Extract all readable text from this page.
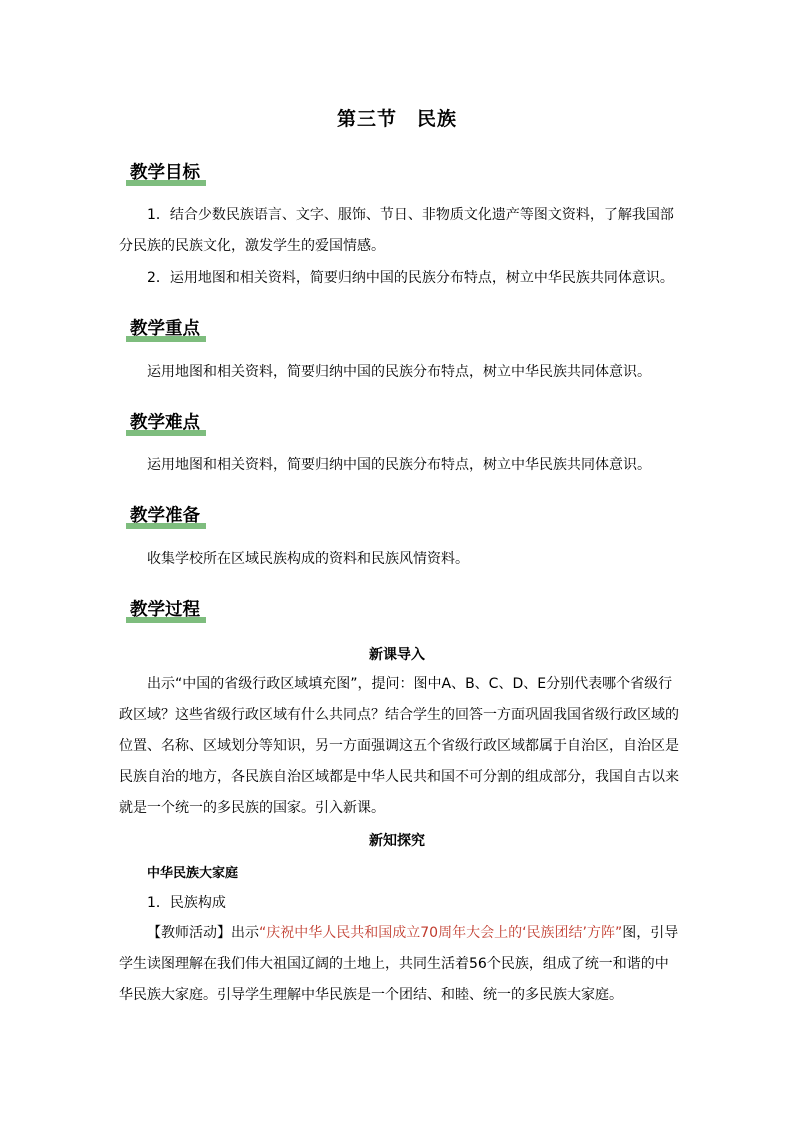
第三节　民族
教学目标
1．结合少数民族语言、文字、服饰、节日、非物质文化遗产等图文资料，了解我国部分民族的民族文化，激发学生的爱国情感。
2．运用地图和相关资料，简要归纳中国的民族分布特点，树立中华民族共同体意识。
教学重点
运用地图和相关资料，简要归纳中国的民族分布特点，树立中华民族共同体意识。
教学难点
运用地图和相关资料，简要归纳中国的民族分布特点，树立中华民族共同体意识。
教学准备
收集学校所在区域民族构成的资料和民族风情资料。
教学过程
新课导入
出示“中国的省级行政区域填充图”，提问：图中A、B、C、D、E分别代表哪个省级行政区域？这些省级行政区域有什么共同点？结合学生的回答一方面巩固我国省级行政区域的位置、名称、区域划分等知识，另一方面强调这五个省级行政区域都属于自治区，自治区是民族自治的地方，各民族自治区域都是中华人民共和国不可分割的组成部分，我国自古以来就是一个统一的多民族的国家。引入新课。
新知探究
中华民族大家庭
1．民族构成
【教师活动】出示“庆祝中华人民共和国成立70周年大会上的‘民族团结’方阵”图，引导学生读图理解在我们伟大祖国辽阔的土地上，共同生活着56个民族，组成了统一和谐的中华民族大家庭。引导学生理解中华民族是一个团结、和睦、统一的多民族大家庭。
